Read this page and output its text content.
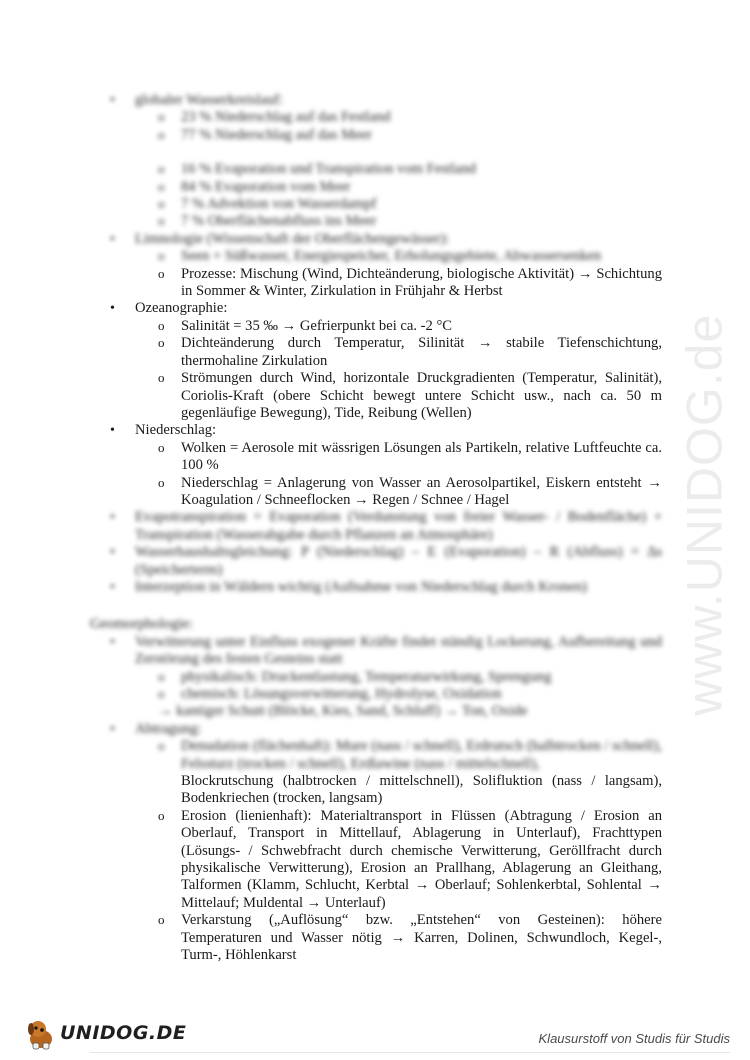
www.UNIDOG.de
• globaler Wasserkreislauf:
o 23 % Niederschlag auf das Festland
o 77 % Niederschlag auf das Meer
o 16 % Evaporation und Transpiration vom Festland
o 84 % Evaporation vom Meer
o 7 % Advektion von Wasserdampf
o 7 % Oberflächenabfluss ins Meer
• Limnologie (Wissenschaft der Oberflächengewässer):
o Seen + Süßwasser, Energiespeicher, Erholungsgebiete, Abwassersenken
o Prozesse: Mischung (Wind, Dichteänderung, biologische Aktivität) → Schichtung in Sommer & Winter, Zirkulation in Frühjahr & Herbst
• Ozeanographie:
o Salinität = 35 ‰ → Gefrierpunkt bei ca. -2 °C
o Dichteänderung durch Temperatur, Silinität → stabile Tiefenschichtung, thermohaline Zirkulation
o Strömungen durch Wind, horizontale Druckgradienten (Temperatur, Salinität), Coriolis-Kraft (obere Schicht bewegt untere Schicht usw., nach ca. 50 m gegenläufige Bewegung), Tide, Reibung (Wellen)
• Niederschlag:
o Wolken = Aerosole mit wässrigen Lösungen als Partikeln, relative Luftfeuchte ca. 100 %
o Niederschlag = Anlagerung von Wasser an Aerosolpartikel, Eiskern entsteht → Koagulation / Schneeflocken → Regen / Schnee / Hagel
• Evapotranspiration = Evaporation (Verdunstung von freier Wasser- / Bodenfläche) + Transpiration (Wasserabgabe durch Pflanzen an Atmosphäre)
• Wasserhaushaltsgleichung: P (Niederschlag) – E (Evaporation) – R (Abfluss) = ∆s (Speicherterm)
• Interzeption in Wäldern wichtig (Aufnahme von Niederschlag durch Kronen)
Geomorphologie:
• Verwitterung unter Einfluss exogener Kräfte findet ständig Lockerung, Aufbereitung und Zerstörung des festen Gesteins statt
o physikalisch: Druckentlastung, Temperaturwirkung, Sprengung
o chemisch: Lösungsverwitterung, Hydrolyse, Oxidation
→ kantiger Schutt (Blöcke, Kies, Sand, Schluff) → Ton, Oxide
• Abtragung:
o Denudation (flächenhaft): Mure (nass / schnell), Erdrutsch (halbtrocken / schnell), Felssturz (trocken / schnell), Erdlawine (nass / mittelschnell),
Blockrutschung (halbtrocken / mittelschnell), Solifluktion (nass / langsam), Bodenkriechen (trocken, langsam)
o Erosion (lienienhaft): Materialtransport in Flüssen (Abtragung / Erosion an Oberlauf, Transport in Mittellauf, Ablagerung in Unterlauf), Frachttypen (Lösungs- / Schwebfracht durch chemische Verwitterung, Geröllfracht durch physikalische Verwitterung), Erosion an Prallhang, Ablagerung an Gleithang, Talformen (Klamm, Schlucht, Kerbtal → Oberlauf; Sohlenkerbtal, Sohlental → Mittelauf; Muldental → Unterlauf)
o Verkarstung („Auflösung“ bzw. „Entstehen“ von Gesteinen): höhere Temperaturen und Wasser nötig → Karren, Dolinen, Schwundloch, Kegel-, Turm-, Höhlenkarst
UNIDOG.DE	Klausurstoff von Studis für Studis
